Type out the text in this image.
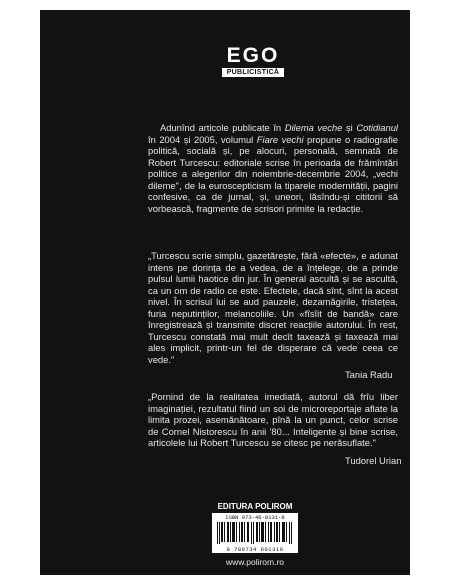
EGO
PUBLICISTICĂ
Adunînd articole publicate în Dilema veche și Cotidianul în 2004 și 2005, volumul Fiare vechi propune o radiografie politică, socială și, pe alocuri, personală, semnată de Robert Turcescu: editoriale scrise în perioada de frămîntări politice a alegerilor din noiembrie-decembrie 2004, „vechi dileme", de la euroscepticism la tiparele modernității, pagini confesive, ca de jurnal, și, uneori, lăsîndu-și cititorii să vorbească, fragmente de scrisori primite la redacție.
„Turcescu scrie simplu, gazetărește, fără «efecte», e adunat intens pe dorința de a vedea, de a înțelege, de a prinde pulsul lumii haotice din jur. În general ascultă și se ascultă, ca un om de radio ce este. Efectele, dacă sînt, sînt la acest nivel. În scrisul lui se aud pauzele, dezamăgirile, tristețea, furia neputinților, melancoliile. Un «fîsîit de bandă» care înregistrează și transmite discret reacțiile autorului. În rest, Turcescu constată mai mult decît taxează și taxează mai ales implicit, printr-un fel de disperare că vede ceea ce vede."
Tania Radu
„Pornind de la realitatea imediată, autorul dă frîu liber imaginației, rezultatul fiind un soi de microreportaje aflate la limita prozei, asemănătoare, pînă la un punct, celor scrise de Cornel Nistorescu în anii '80... Inteligente și bine scrise, articolele lui Robert Turcescu se citesc pe nerăsuflate."
Tudorel Urian
EDITURA POLIROM
ISBN 973-46-0131-8
9 789734 601318
www.polirom.ro
